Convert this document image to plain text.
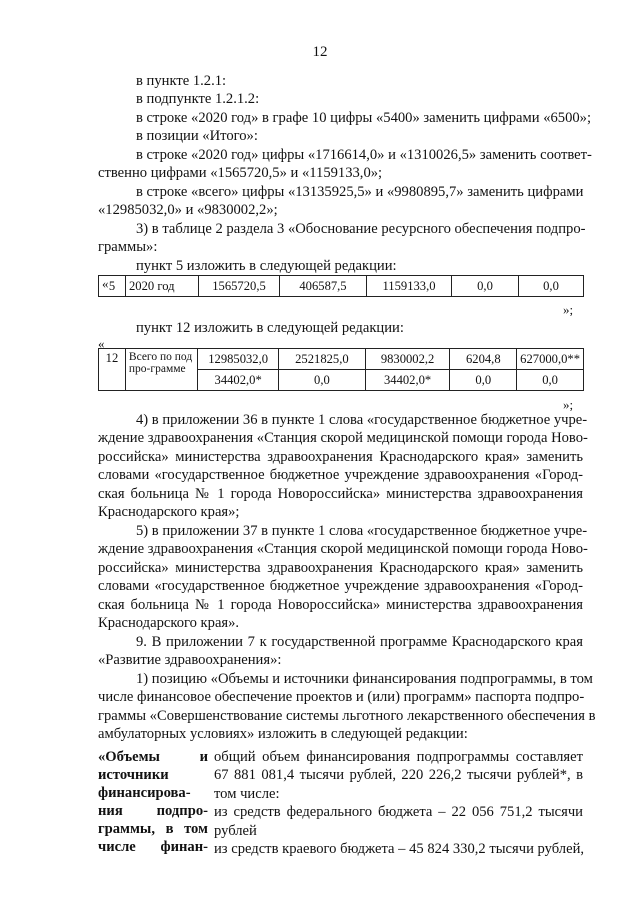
12
в пункте 1.2.1:
в подпункте 1.2.1.2:
в строке «2020 год» в графе 10 цифры «5400» заменить цифрами «6500»;
в позиции «Итого»:
в строке «2020 год» цифры «1716614,0» и «1310026,5» заменить соответ-
ственно цифрами «1565720,5» и «1159133,0»;
в строке «всего» цифры «13135925,5» и «9980895,7» заменить цифрами
«12985032,0» и «9830002,2»;
3) в таблице 2 раздела 3 «Обоснование ресурсного обеспечения подпро-
граммы»:
пункт 5 изложить в следующей редакции:
« 5	2020 год	1565720,5	406587,5	1159133,0	0,0	0,0
»;
пункт 12 изложить в следующей редакции:
«
12	Всего по подпро-грамме	12985032,0	2521825,0	9830002,2	6204,8	627000,0**
		34402,0*	0,0	34402,0*	0,0	0,0
»;
4) в приложении 36 в пункте 1 слова «государственное бюджетное учре-
ждение здравоохранения «Станция скорой медицинской помощи города Ново-
российска» министерства здравоохранения Краснодарского края» заменить
словами «государственное бюджетное учреждение здравоохранения «Город-
ская больница № 1 города Новороссийска» министерства здравоохранения
Краснодарского края»;
5) в приложении 37 в пункте 1 слова «государственное бюджетное учре-
ждение здравоохранения «Станция скорой медицинской помощи города Ново-
российска» министерства здравоохранения Краснодарского края» заменить
словами «государственное бюджетное учреждение здравоохранения «Город-
ская больница № 1 города Новороссийска» министерства здравоохранения
Краснодарского края».
9. В приложении 7 к государственной программе Краснодарского края
«Развитие здравоохранения»:
1) позицию «Объемы и источники финансирования подпрограммы, в том
числе финансовое обеспечение проектов и (или) программ» паспорта подпро-
граммы «Совершенствование системы льготного лекарственного обеспечения в
амбулаторных условиях» изложить в следующей редакции:
«Объемы и
источники
финансирова-
ния подпро-
граммы, в том
числе финан-
общий объем финансирования подпрограммы составляет
67 881 081,4 тысячи рублей, 220 226,2 тысячи рублей*, в
том числе:
из средств федерального бюджета – 22 056 751,2 тысячи
рублей
из средств краевого бюджета – 45 824 330,2 тысячи рублей,
